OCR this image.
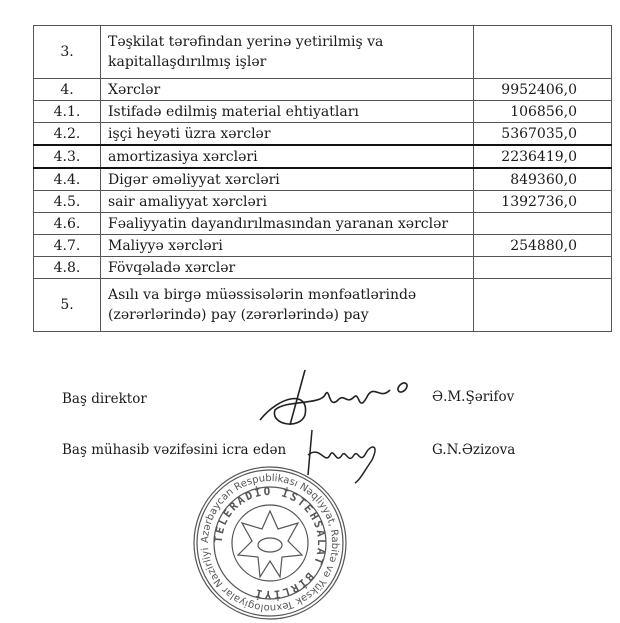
3.	Təşkilat tərəfindan yerinə yetirilmiş va kapitallaşdırılmış işlər	
4.	Xərclər	9952406,0
4.1.	Istifadə edilmiş material ehtiyatları	106856,0
4.2.	işçi heyəti üzra xərclər	5367035,0
4.3.	amortizasiya xərcləri	2236419,0
4.4.	Digər əməliyyat xərcləri	849360,0
4.5.	sair amaliyyat xərcləri	1392736,0
4.6.	Fəaliyyatin dayandırılmasından yaranan xərclər	
4.7.	Maliyyə xərcləri	254880,0
4.8.	Fövqəladə xərclər	
5.	Asılı va birgə müəssisələrin mənfəatlərində (zərərlərində) pay (zərərlərində) pay	
Baş direktor	Ə.M.Şərifov
Baş mühasib vəzifəsini icra edən	G.N.Əzizova
Azərbaycan Respublikası Nəqliyyat, Rabitə və Yüksək Texnologiyalar Nazirliyi
TELERADİO İSTEHSALAT BİRLİYİ
